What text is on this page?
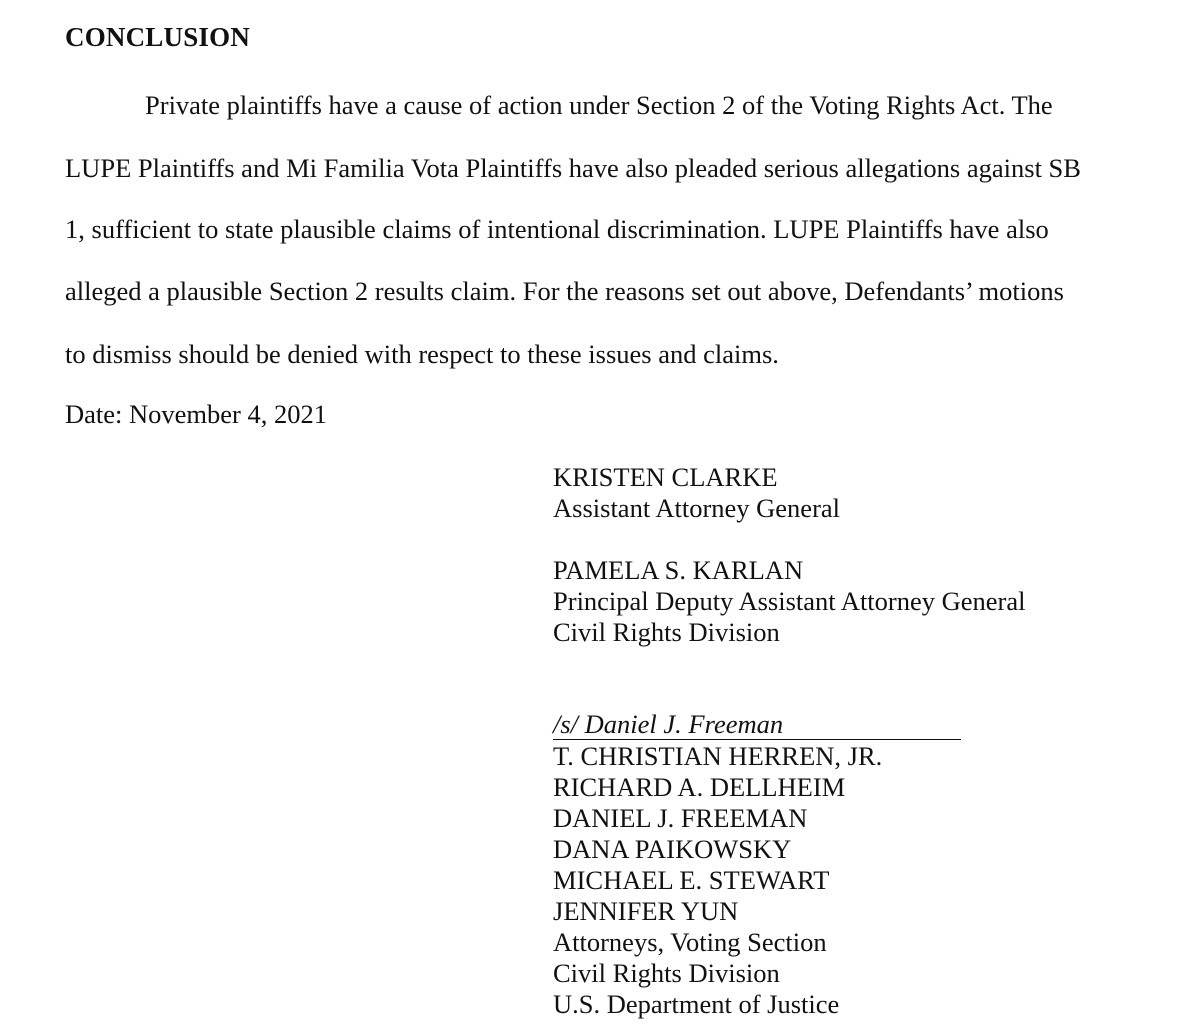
CONCLUSION
Private plaintiffs have a cause of action under Section 2 of the Voting Rights Act. The
LUPE Plaintiffs and Mi Familia Vota Plaintiffs have also pleaded serious allegations against SB
1, sufficient to state plausible claims of intentional discrimination. LUPE Plaintiffs have also
alleged a plausible Section 2 results claim. For the reasons set out above, Defendants’ motions
to dismiss should be denied with respect to these issues and claims.
Date: November 4, 2021
KRISTEN CLARKE
Assistant Attorney General
PAMELA S. KARLAN
Principal Deputy Assistant Attorney General
Civil Rights Division
/s/ Daniel J. Freeman
T. CHRISTIAN HERREN, JR.
RICHARD A. DELLHEIM
DANIEL J. FREEMAN
DANA PAIKOWSKY
MICHAEL E. STEWART
JENNIFER YUN
Attorneys, Voting Section
Civil Rights Division
U.S. Department of Justice
